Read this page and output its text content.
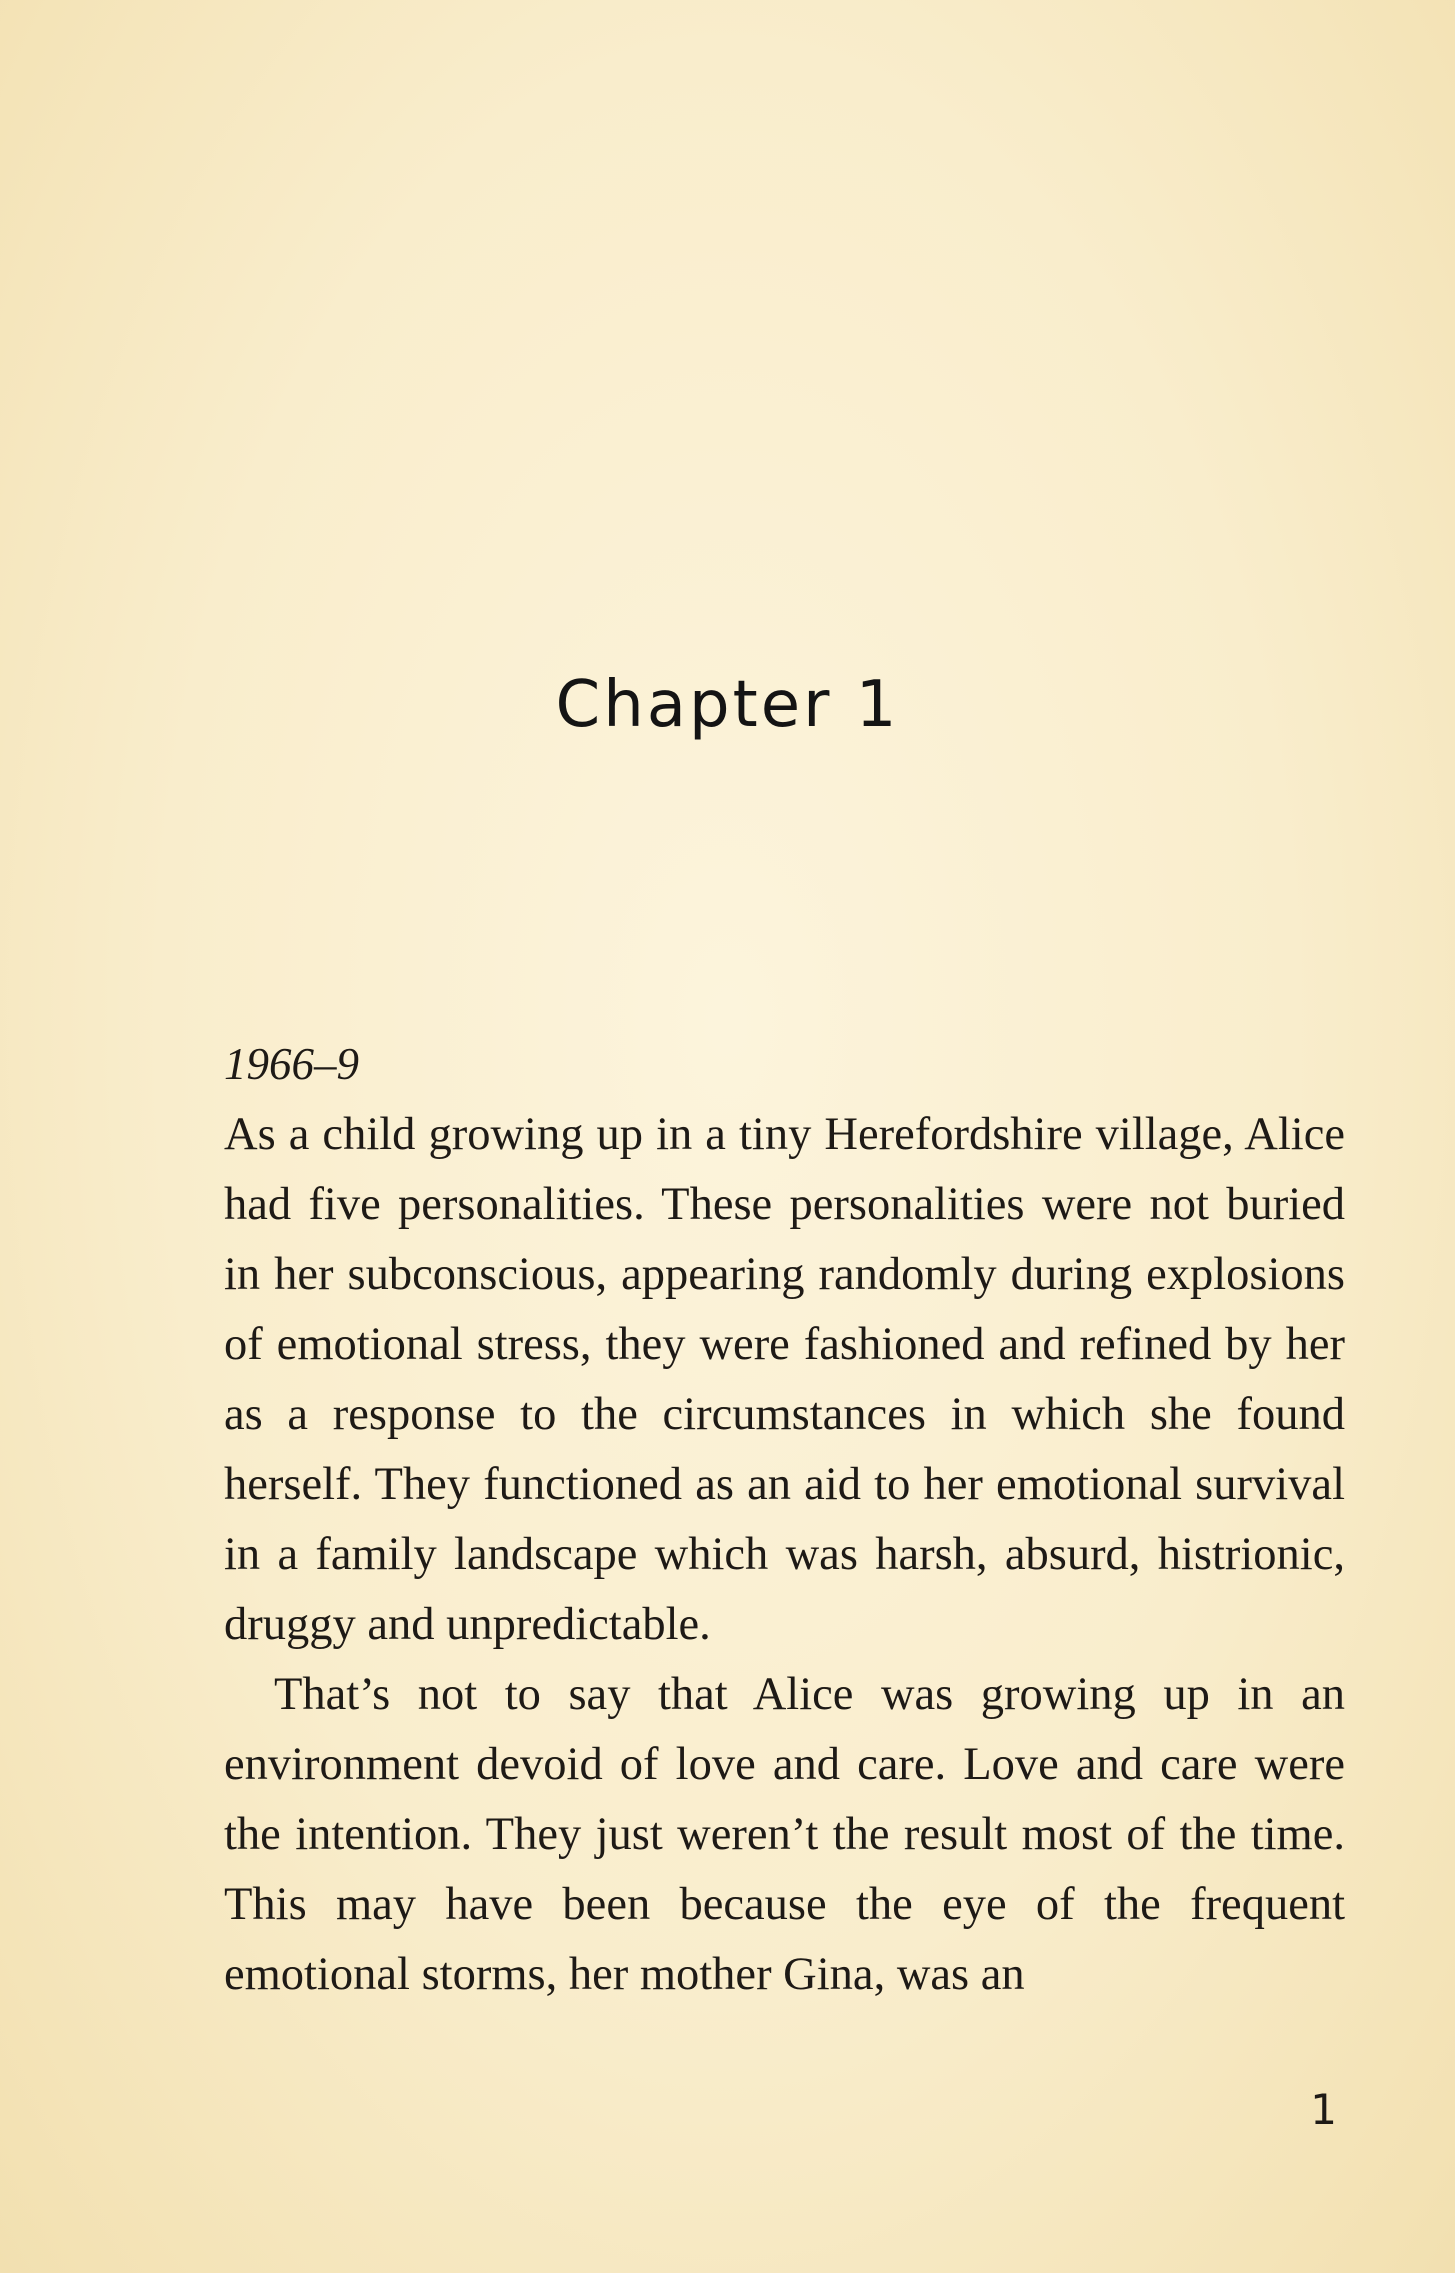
Chapter 1

1966–9

As a child growing up in a tiny Herefordshire village, Alice had five personalities. These personalities were not buried in her subconscious, appearing randomly during explosions of emotional stress, they were fashioned and refined by her as a response to the circumstances in which she found herself. They functioned as an aid to her emotional survival in a family landscape which was harsh, absurd, histrionic, druggy and unpredictable.

That’s not to say that Alice was growing up in an environment devoid of love and care. Love and care were the intention. They just weren’t the result most of the time. This may have been because the eye of the frequent emotional storms, her mother Gina, was an

1
